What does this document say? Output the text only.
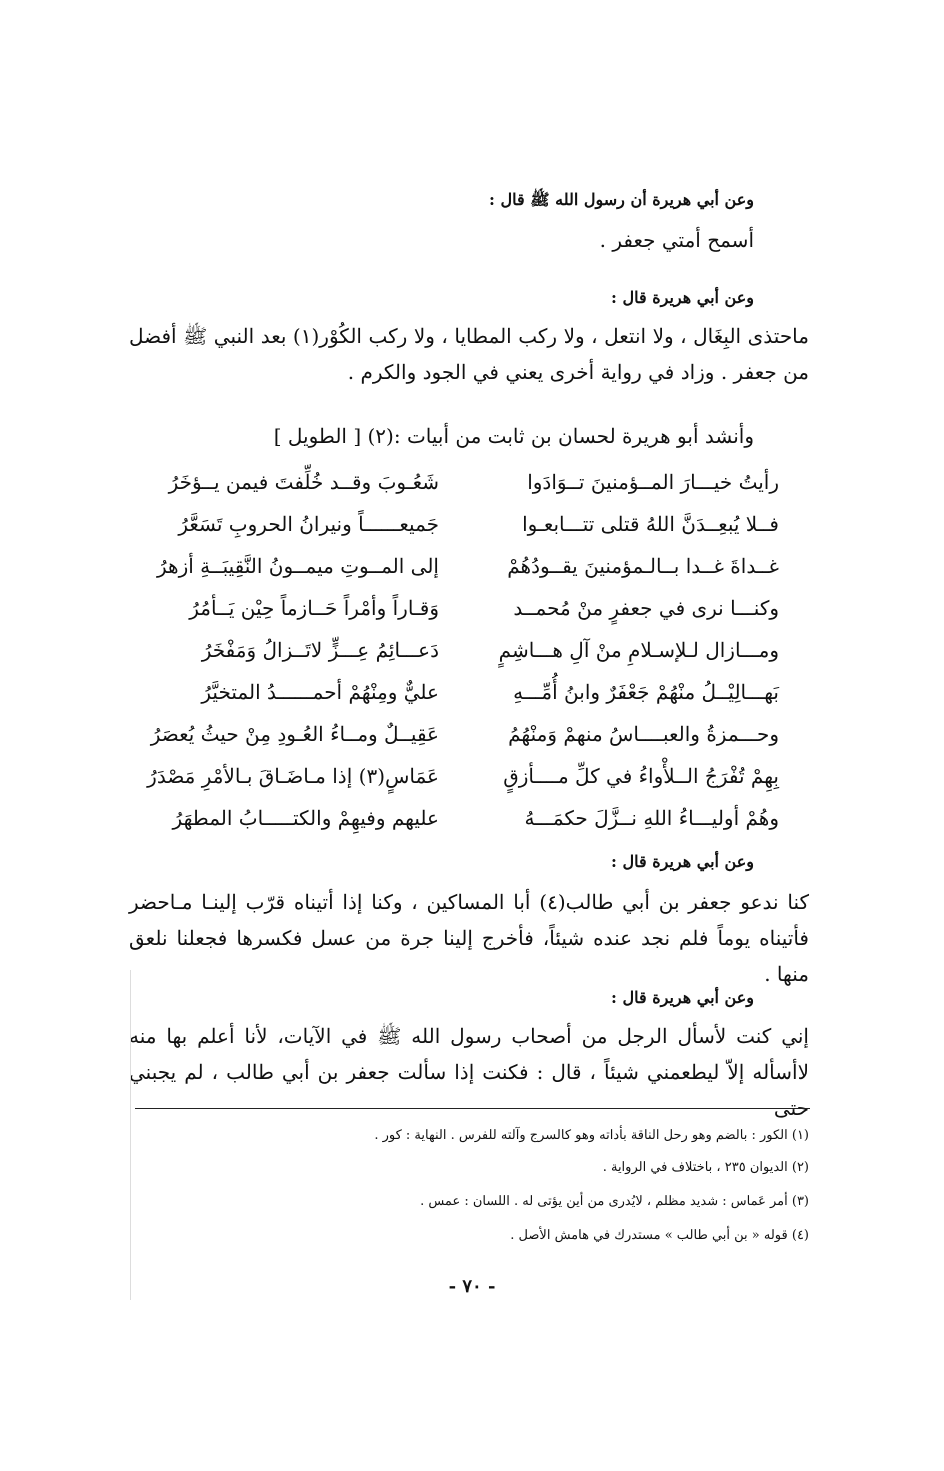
وعن أبي هريرة أن رسول الله ﷺ قال :
أسمح أمتي جعفر .
وعن أبي هريرة قال :
ماحتذى البِغَال ، ولا انتعل ، ولا ركب المطايا ، ولا ركب الكُوْر(١) بعد النبي ﷺ أفضل من جعفر . وزاد في رواية أخرى يعني في الجود والكرم .
وأنشد أبو هريرة لحسان بن ثابت من أبيات :(٢) [ الطويل ]
رأيتُ خيـــارَ المــؤمنينَ تــوَادَوا
شَعُـوبَ وقــد خُلِّفتَ فيمن يــؤخَرُ
فــلا يُبعِــدَنَّ اللهُ قتلى تتـــابعـوا
جَميعــــــاً ونيرانُ الحروبِ تَسَعَّرُ
غــداةَ غــدا بــالـمؤمنينَ يقــودُهُمْ
إلى المــوتِ ميمــونُ النَّقِيبَــةِ أزهرُ
وكنـــا نرى في جعفرٍ منْ مُحمــد
وَقـاراً وأمْراً حَــازماً حِيْن يَــأمُرُ
ومـــازال لـلإسـلامِ منْ آلِ هـــاشِمٍ
دَعـــائِمُ عِـــزٍّ لاتَــزالُ وَمَفْخَرُ
بَهـــالِيْــلُ منْهُمْ جَعْفَرٌ وابنُ أُمِّـــهِ
عليٌّ ومِنْهُمْ أحمــــــدُ المتخيَّرُ
وحـــمزةُ والعبــــاسُ منهمْ وَمنْهُمُ
عَقِيــلٌ ومــاءُ العُـودِ مِنْ حيثُ يُعصَرُ
بِهِمْ تُفْرَجُ الــلأْواءُ في كلِّ مــــأزقٍ
عَمَاسٍ(٣) إذا مـاضَـاقَ بـالأمْرِ مَصْدَرُ
وهُمْ أوليـــاءُ اللهِ نــزَّلَ حكمَـــهُ
عليهم وفيهِمْ والكتـــــابُ المطهَرُ
وعن أبي هريرة قال :
كنا ندعو جعفر بن أبي طالب(٤) أبا المساكين ، وكنا إذا أتيناه قرّب إلينـا مـاحضر فأتيناه يوماً فلم نجد عنده شيئاً، فأخرج إلينا جرة من عسل فكسرها فجعلنا نلعق منها .
وعن أبي هريرة قال :
إني كنت لأسأل الرجل من أصحاب رسول الله ﷺ في الآيات، لأنا أعلم بها منه لاأسأله إلاّ ليطعمني شيئاً ، قال : فكنت إذا سألت جعفر بن أبي طالب ، لم يجبني حتى
(١) الكور : بالضم وهو رحل الناقة بأداته وهو كالسرج وآلته للفرس . النهاية : كور .
(٢) الديوان ٢٣٥ ، باختلاف في الرواية .
(٣) أمر عَماس : شديد مظلم ، لايُدرى من أين يؤتى له . اللسان : عمس .
(٤) قوله « بن أبي طالب » مستدرك في هامش الأصل .
- ٧٠ -
